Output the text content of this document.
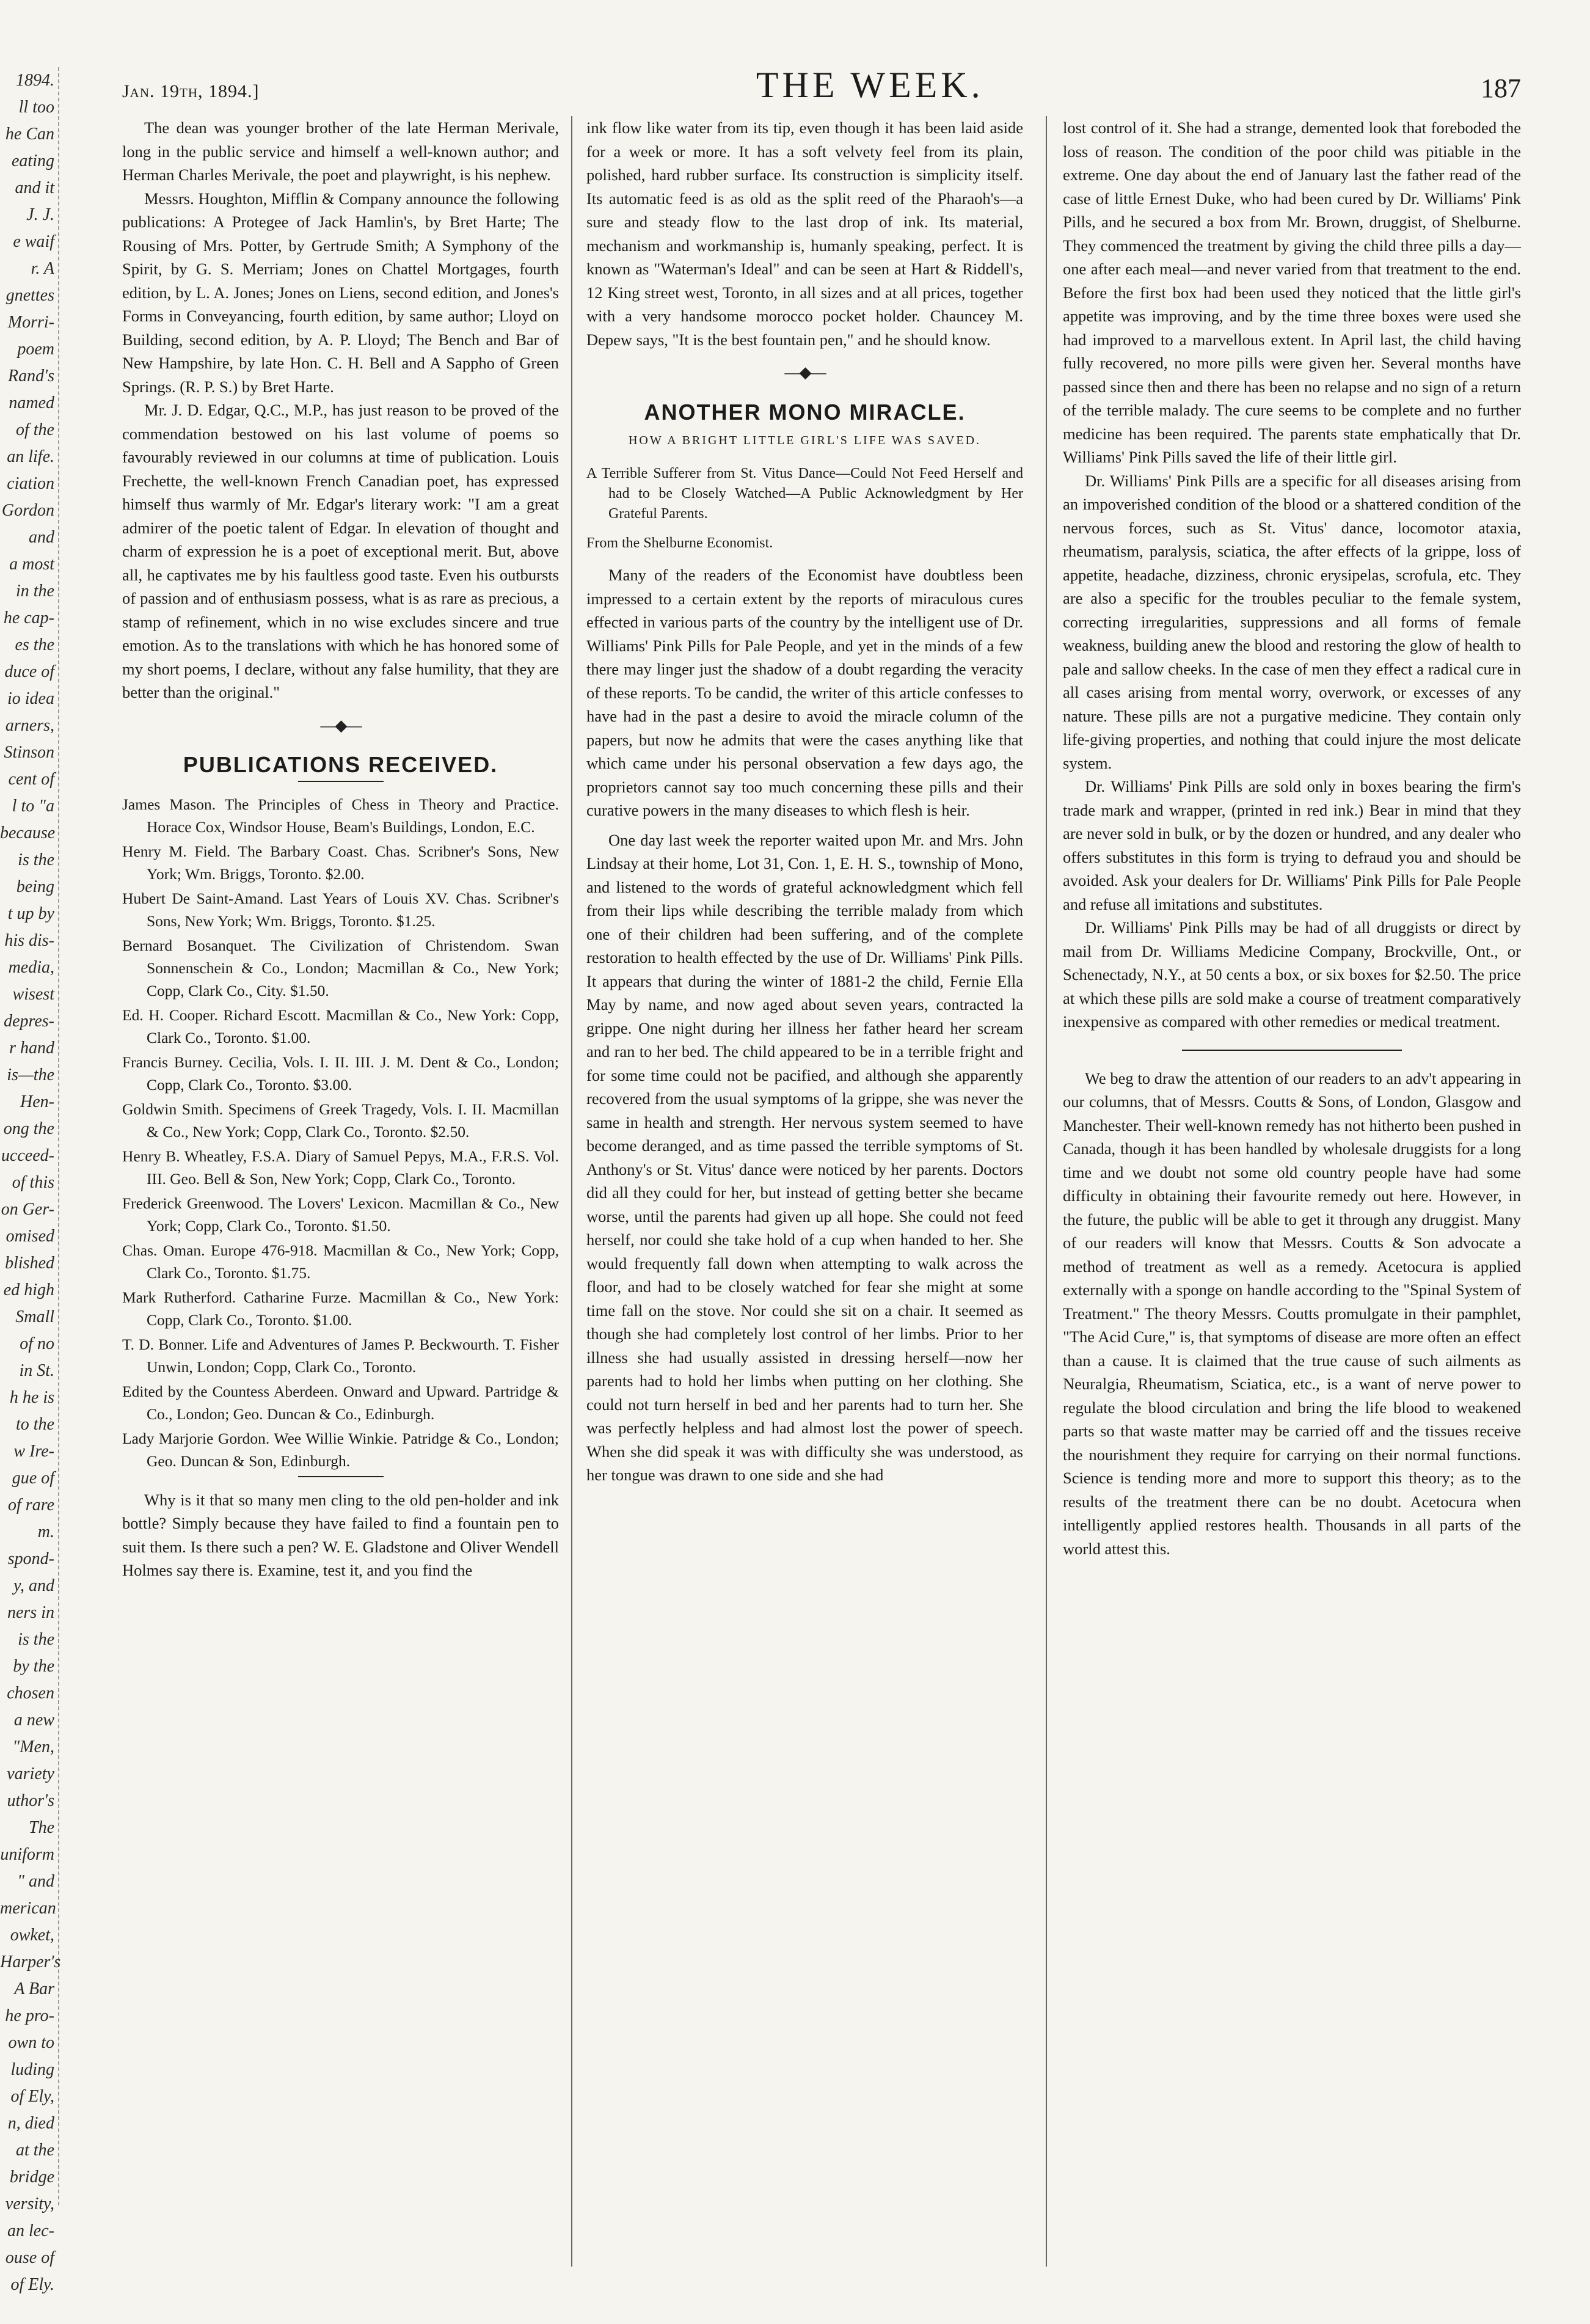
1894.
ll too
he Can
eating
and it
J. J.
e waif
r. A
gnettes
Morri-
poem
Rand's
named
of the
an life.
ciation
Gordon
and
a most
in the
he cap-
es the
duce of
io idea
arners,
Stinson
cent of
l to "a
because
is the
being
t up by
his dis-
media,
wisest
depres-
r hand
is—the
Hen-
ong the
ucceed-
of this
on Ger-
omised
blished
ed high
Small
of no
in St.
h he is
to the
w Ire-
gue of
of rare
m.
spond-
y, and
ners in
is the
by the
chosen
a new
"Men,
variety
uthor's
The
uniform
" and
merican
owket,
Harper's
A Bar
he pro-
own to
luding
of Ely,
n, died
at the
bridge
versity,
an lec-
ouse of
of Ely.
Jan. 19th, 1894.]	THE WEEK.	187

The dean was younger brother of the late Herman Merivale, long in the public service and himself a well-known author; and Herman Charles Merivale, the poet and playwright, is his nephew.

Messrs. Houghton, Mifflin & Company announce the following publications: A Protegee of Jack Hamlin's, by Bret Harte; The Rousing of Mrs. Potter, by Gertrude Smith; A Symphony of the Spirit, by G. S. Merriam; Jones on Chattel Mortgages, fourth edition, by L. A. Jones; Jones on Liens, second edition, and Jones's Forms in Conveyancing, fourth edition, by same author; Lloyd on Building, second edition, by A. P. Lloyd; The Bench and Bar of New Hampshire, by late Hon. C. H. Bell and A Sappho of Green Springs. (R. P. S.) by Bret Harte.

Mr. J. D. Edgar, Q.C., M.P., has just reason to be proved of the commendation bestowed on his last volume of poems so favourably reviewed in our columns at time of publication. Louis Frechette, the well-known French Canadian poet, has expressed himself thus warmly of Mr. Edgar's literary work: "I am a great admirer of the poetic talent of Edgar. In elevation of thought and charm of expression he is a poet of exceptional merit. But, above all, he captivates me by his faultless good taste. Even his outbursts of passion and of enthusiasm possess, what is as rare as precious, a stamp of refinement, which in no wise excludes sincere and true emotion. As to the translations with which he has honored some of my short poems, I declare, without any false humility, that they are better than the original."

—◆—
PUBLICATIONS RECEIVED.
James Mason. The Principles of Chess in Theory and Practice. Horace Cox, Windsor House, Beam's Buildings, London, E.C.
Henry M. Field. The Barbary Coast. Chas. Scribner's Sons, New York; Wm. Briggs, Toronto. $2.00.
Hubert De Saint-Amand. Last Years of Louis XV. Chas. Scribner's Sons, New York; Wm. Briggs, Toronto. $1.25.
Bernard Bosanquet. The Civilization of Christendom. Swan Sonnenschein & Co., London; Macmillan & Co., New York; Copp, Clark Co., City. $1.50.
Ed. H. Cooper. Richard Escott. Macmillan & Co., New York: Copp, Clark Co., Toronto. $1.00.
Francis Burney. Cecilia, Vols. I. II. III. J. M. Dent & Co., London; Copp, Clark Co., Toronto. $3.00.
Goldwin Smith. Specimens of Greek Tragedy, Vols. I. II. Macmillan & Co., New York; Copp, Clark Co., Toronto. $2.50.
Henry B. Wheatley, F.S.A. Diary of Samuel Pepys, M.A., F.R.S. Vol. III. Geo. Bell & Son, New York; Copp, Clark Co., Toronto.
Frederick Greenwood. The Lovers' Lexicon. Macmillan & Co., New York; Copp, Clark Co., Toronto. $1.50.
Chas. Oman. Europe 476-918. Macmillan & Co., New York; Copp, Clark Co., Toronto. $1.75.
Mark Rutherford. Catharine Furze. Macmillan & Co., New York: Copp, Clark Co., Toronto. $1.00.
T. D. Bonner. Life and Adventures of James P. Beckwourth. T. Fisher Unwin, London; Copp, Clark Co., Toronto.
Edited by the Countess Aberdeen. Onward and Upward. Partridge & Co., London; Geo. Duncan & Co., Edinburgh.
Lady Marjorie Gordon. Wee Willie Winkie. Patridge & Co., London; Geo. Duncan & Son, Edinburgh.

Why is it that so many men cling to the old pen-holder and ink bottle? Simply because they have failed to find a fountain pen to suit them. Is there such a pen? W. E. Gladstone and Oliver Wendell Holmes say there is. Examine, test it, and you find the

ink flow like water from its tip, even though it has been laid aside for a week or more. It has a soft velvety feel from its plain, polished, hard rubber surface. Its construction is simplicity itself. Its automatic feed is as old as the split reed of the Pharaoh's—a sure and steady flow to the last drop of ink. Its material, mechanism and workmanship is, humanly speaking, perfect. It is known as "Waterman's Ideal" and can be seen at Hart & Riddell's, 12 King street west, Toronto, in all sizes and at all prices, together with a very handsome morocco pocket holder. Chauncey M. Depew says, "It is the best fountain pen," and he should know.

—◆—
ANOTHER MONO MIRACLE.
HOW A BRIGHT LITTLE GIRL'S LIFE WAS SAVED.
A Terrible Sufferer from St. Vitus Dance—Could Not Feed Herself and had to be Closely Watched—A Public Acknowledgment by Her Grateful Parents.
From the Shelburne Economist.

Many of the readers of the Economist have doubtless been impressed to a certain extent by the reports of miraculous cures effected in various parts of the country by the intelligent use of Dr. Williams' Pink Pills for Pale People, and yet in the minds of a few there may linger just the shadow of a doubt regarding the veracity of these reports. To be candid, the writer of this article confesses to have had in the past a desire to avoid the miracle column of the papers, but now he admits that were the cases anything like that which came under his personal observation a few days ago, the proprietors cannot say too much concerning these pills and their curative powers in the many diseases to which flesh is heir.

One day last week the reporter waited upon Mr. and Mrs. John Lindsay at their home, Lot 31, Con. 1, E. H. S., township of Mono, and listened to the words of grateful acknowledgment which fell from their lips while describing the terrible malady from which one of their children had been suffering, and of the complete restoration to health effected by the use of Dr. Williams' Pink Pills. It appears that during the winter of 1881-2 the child, Fernie Ella May by name, and now aged about seven years, contracted la grippe. One night during her illness her father heard her scream and ran to her bed. The child appeared to be in a terrible fright and for some time could not be pacified, and although she apparently recovered from the usual symptoms of la grippe, she was never the same in health and strength. Her nervous system seemed to have become deranged, and as time passed the terrible symptoms of St. Anthony's or St. Vitus' dance were noticed by her parents. Doctors did all they could for her, but instead of getting better she became worse, until the parents had given up all hope. She could not feed herself, nor could she take hold of a cup when handed to her. She would frequently fall down when attempting to walk across the floor, and had to be closely watched for fear she might at some time fall on the stove. Nor could she sit on a chair. It seemed as though she had completely lost control of her limbs. Prior to her illness she had usually assisted in dressing herself—now her parents had to hold her limbs when putting on her clothing. She could not turn herself in bed and her parents had to turn her. She was perfectly helpless and had almost lost the power of speech. When she did speak it was with difficulty she was understood, as her tongue was drawn to one side and she had

lost control of it. She had a strange, demented look that foreboded the loss of reason. The condition of the poor child was pitiable in the extreme. One day about the end of January last the father read of the case of little Ernest Duke, who had been cured by Dr. Williams' Pink Pills, and he secured a box from Mr. Brown, druggist, of Shelburne. They commenced the treatment by giving the child three pills a day—one after each meal—and never varied from that treatment to the end. Before the first box had been used they noticed that the little girl's appetite was improving, and by the time three boxes were used she had improved to a marvellous extent. In April last, the child having fully recovered, no more pills were given her. Several months have passed since then and there has been no relapse and no sign of a return of the terrible malady. The cure seems to be complete and no further medicine has been required. The parents state emphatically that Dr. Williams' Pink Pills saved the life of their little girl.

Dr. Williams' Pink Pills are a specific for all diseases arising from an impoverished condition of the blood or a shattered condition of the nervous forces, such as St. Vitus' dance, locomotor ataxia, rheumatism, paralysis, sciatica, the after effects of la grippe, loss of appetite, headache, dizziness, chronic erysipelas, scrofula, etc. They are also a specific for the troubles peculiar to the female system, correcting irregularities, suppressions and all forms of female weakness, building anew the blood and restoring the glow of health to pale and sallow cheeks. In the case of men they effect a radical cure in all cases arising from mental worry, overwork, or excesses of any nature. These pills are not a purgative medicine. They contain only life-giving properties, and nothing that could injure the most delicate system.

Dr. Williams' Pink Pills are sold only in boxes bearing the firm's trade mark and wrapper, (printed in red ink.) Bear in mind that they are never sold in bulk, or by the dozen or hundred, and any dealer who offers substitutes in this form is trying to defraud you and should be avoided. Ask your dealers for Dr. Williams' Pink Pills for Pale People and refuse all imitations and substitutes.

Dr. Williams' Pink Pills may be had of all druggists or direct by mail from Dr. Williams Medicine Company, Brockville, Ont., or Schenectady, N.Y., at 50 cents a box, or six boxes for $2.50. The price at which these pills are sold make a course of treatment comparatively inexpensive as compared with other remedies or medical treatment.

We beg to draw the attention of our readers to an adv't appearing in our columns, that of Messrs. Coutts & Sons, of London, Glasgow and Manchester. Their well-known remedy has not hitherto been pushed in Canada, though it has been handled by wholesale druggists for a long time and we doubt not some old country people have had some difficulty in obtaining their favourite remedy out here. However, in the future, the public will be able to get it through any druggist. Many of our readers will know that Messrs. Coutts & Son advocate a method of treatment as well as a remedy. Acetocura is applied externally with a sponge on handle according to the "Spinal System of Treatment." The theory Messrs. Coutts promulgate in their pamphlet, "The Acid Cure," is, that symptoms of disease are more often an effect than a cause. It is claimed that the true cause of such ailments as Neuralgia, Rheumatism, Sciatica, etc., is a want of nerve power to regulate the blood circulation and bring the life blood to weakened parts so that waste matter may be carried off and the tissues receive the nourishment they require for carrying on their normal functions. Science is tending more and more to support this theory; as to the results of the treatment there can be no doubt. Acetocura when intelligently applied restores health. Thousands in all parts of the world attest this.
